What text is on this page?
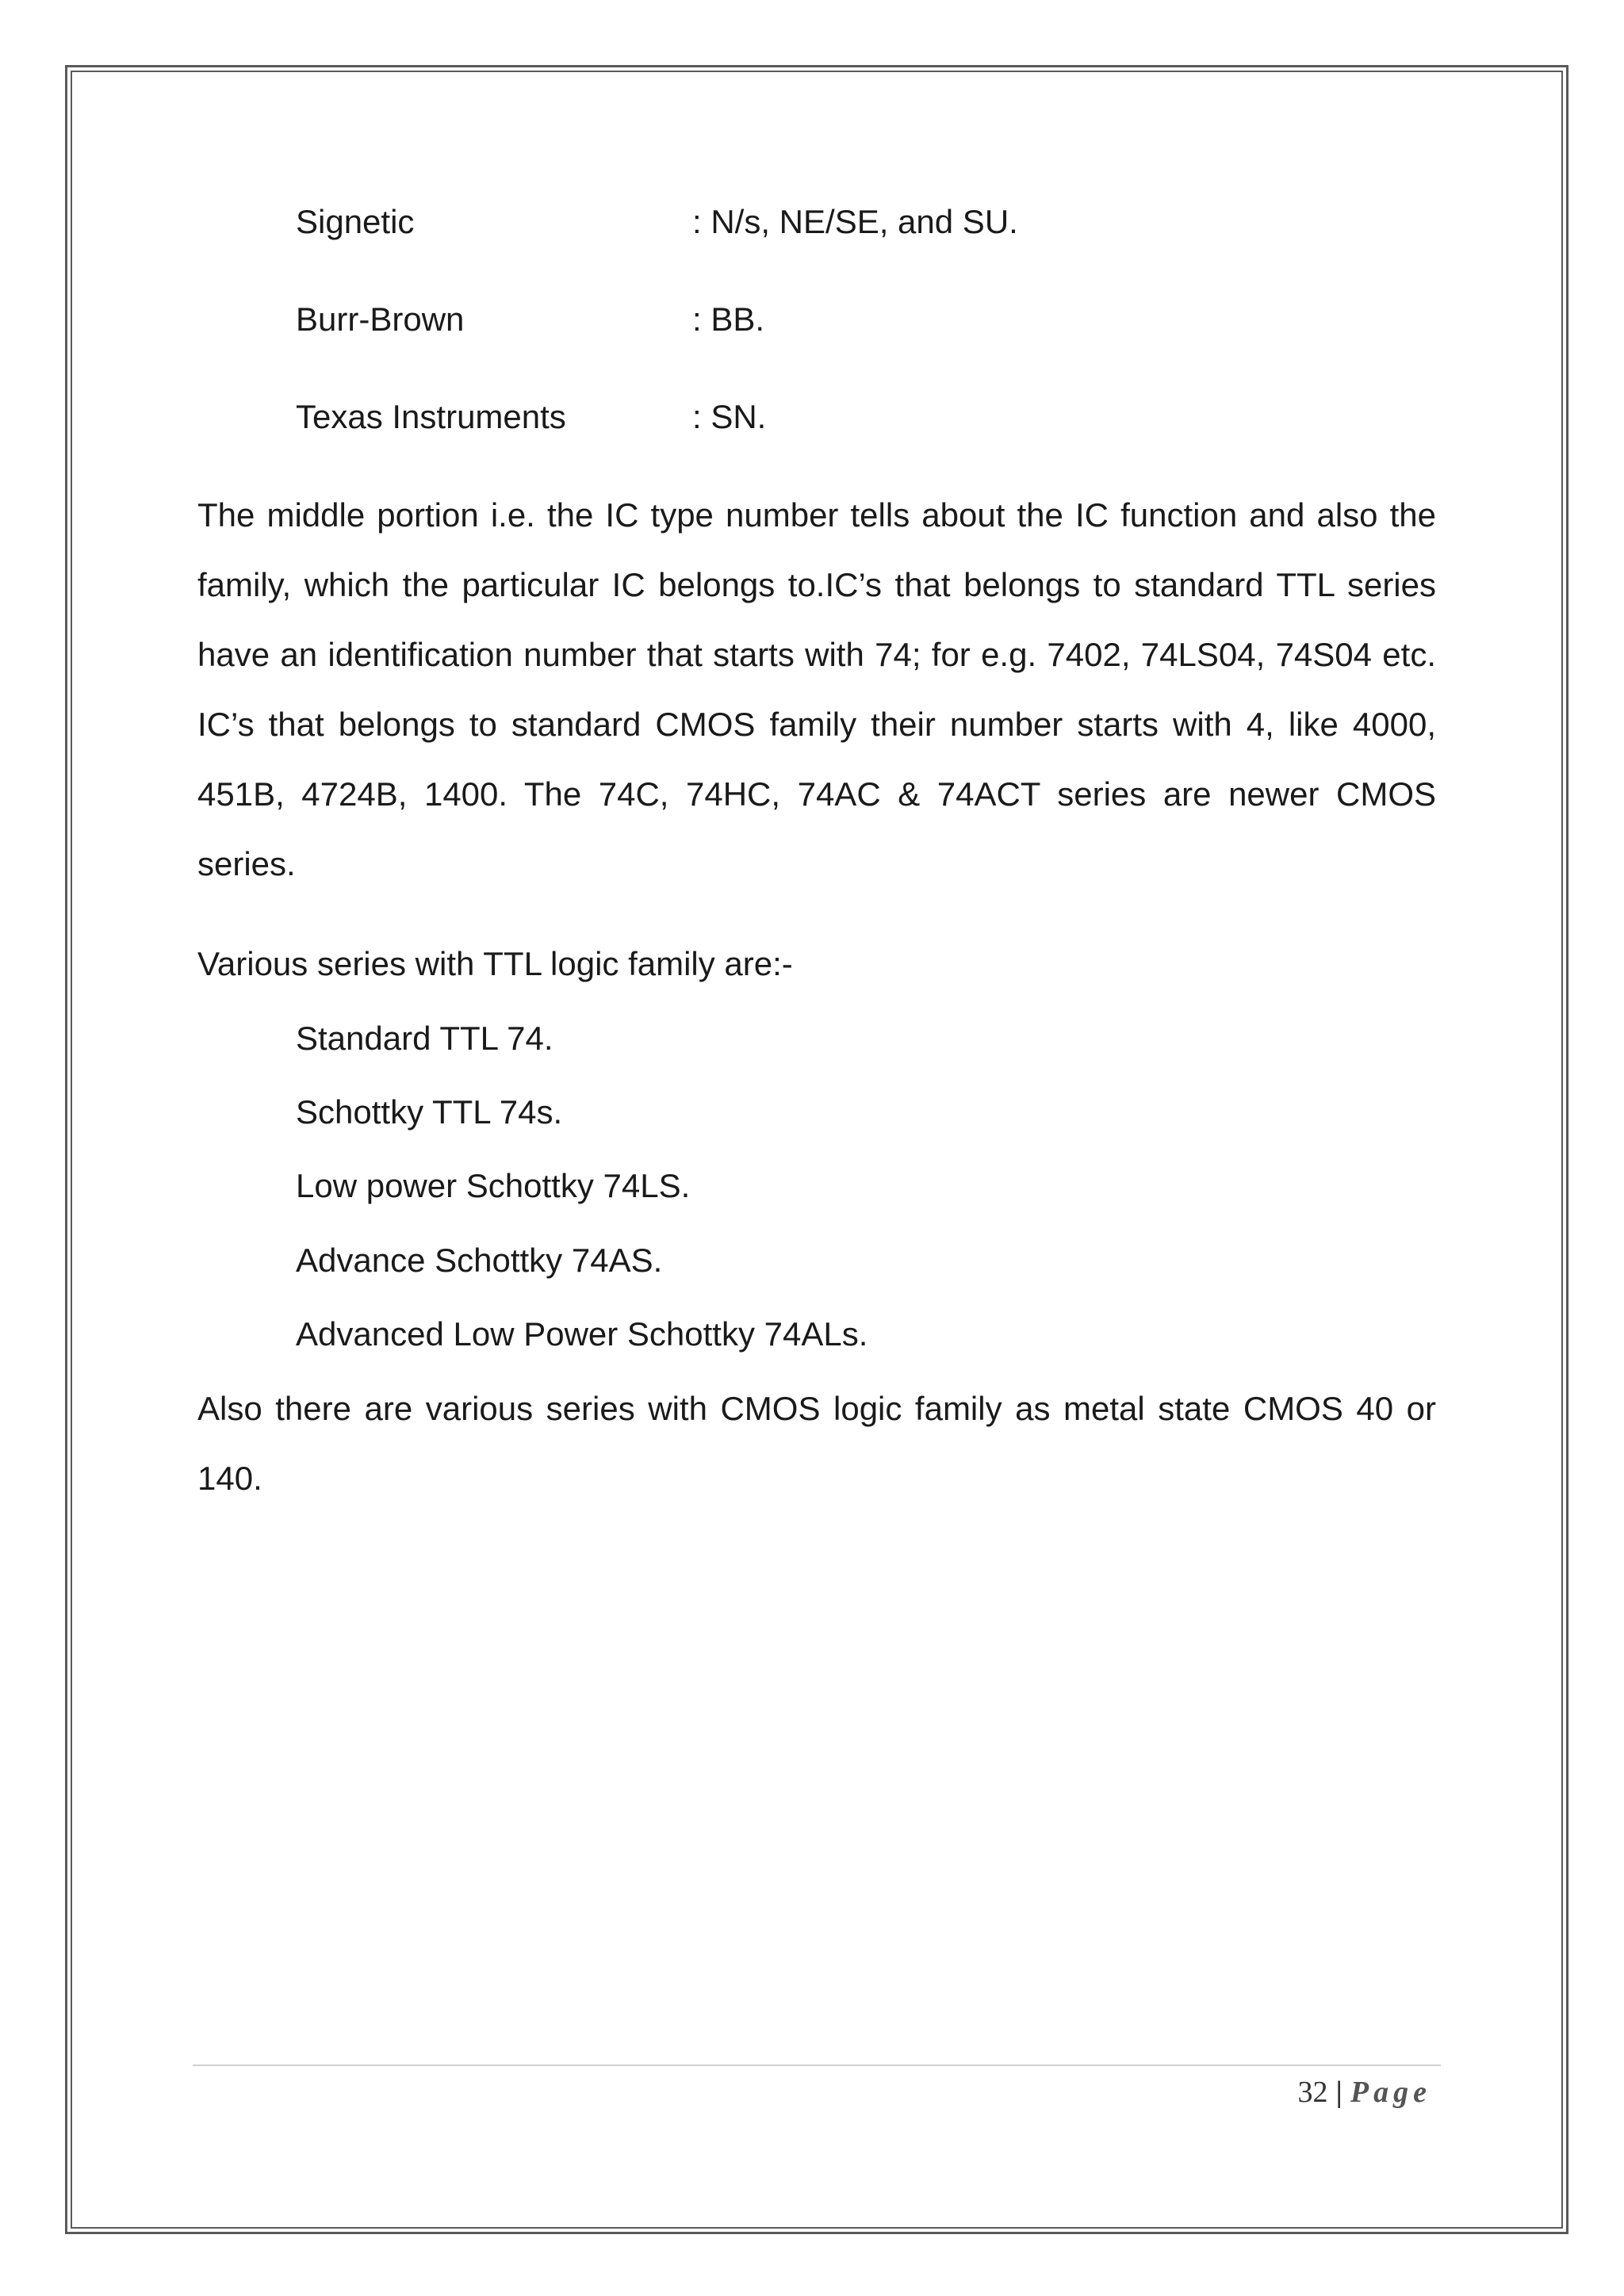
Signetic	: N/s, NE/SE, and SU.
Burr-Brown	: BB.
Texas Instruments	: SN.
The middle portion i.e. the IC type number tells about the IC function and also the family, which the particular IC belongs to.IC’s that belongs to standard TTL series have an identification number that starts with 74; for e.g. 7402, 74LS04, 74S04 etc. IC’s that belongs to standard CMOS family their number starts with 4, like 4000, 451B, 4724B, 1400. The 74C, 74HC, 74AC & 74ACT series are newer CMOS series.
Various series with TTL logic family are:-
Standard TTL 74.
Schottky TTL 74s.
Low power Schottky 74LS.
Advance Schottky 74AS.
Advanced Low Power Schottky 74ALs.
Also there are various series with CMOS logic family as metal state CMOS 40 or 140.
32 | Page
